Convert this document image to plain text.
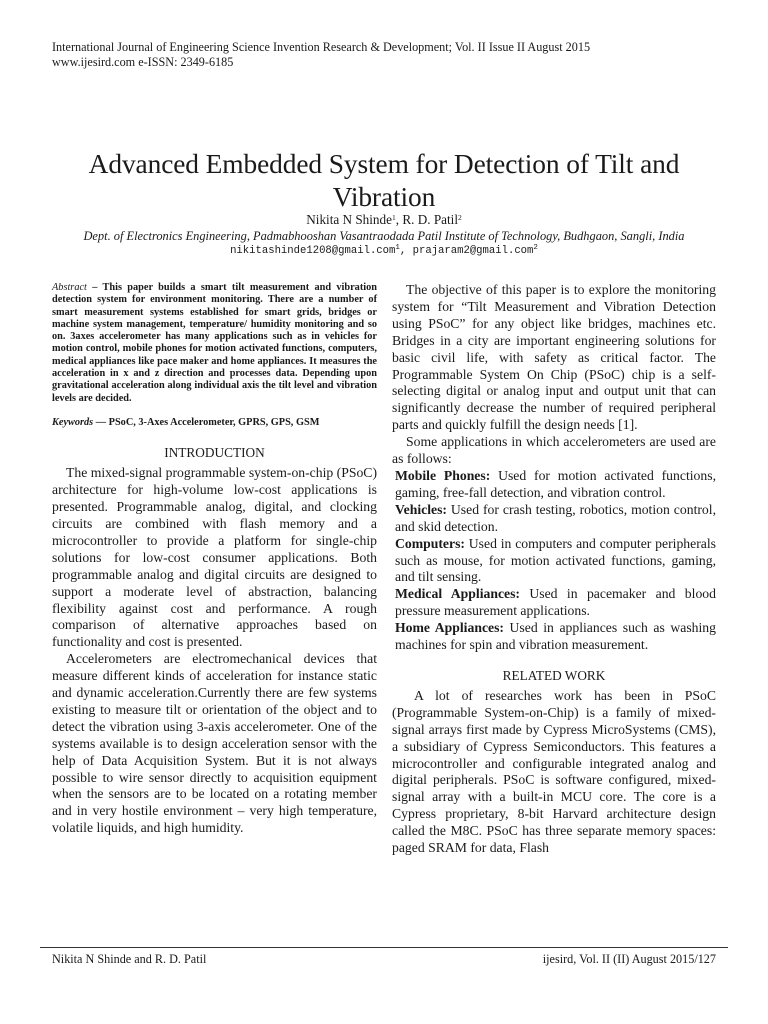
International Journal of Engineering Science Invention Research & Development; Vol. II Issue II August 2015
www.ijesird.com e-ISSN: 2349-6185
Advanced Embedded System for Detection of Tilt and Vibration
Nikita N Shinde$^1$, R. D. Patil$^2$
Dept. of Electronics Engineering, Padmabhooshan Vasantraodada Patil Institute of Technology, Budhgaon, Sangli, India
nikitashinde1208@gmail.com$^1$, prajaram2@gmail.com$^2$
Abstract – This paper builds a smart tilt measurement and vibration detection system for environment monitoring. There are a number of smart measurement systems established for smart grids, bridges or machine system management, temperature/ humidity monitoring and so on. 3axes accelerometer has many applications such as in vehicles for motion control, mobile phones for motion activated functions, computers, medical appliances like pace maker and home appliances. It measures the acceleration in x and z direction and processes data. Depending upon gravitational acceleration along individual axis the tilt level and vibration levels are decided.
Keywords — PSoC, 3-Axes Accelerometer, GPRS, GPS, GSM
INTRODUCTION

The mixed-signal programmable system-on-chip (PSoC) architecture for high-volume low-cost applications is presented. Programmable analog, digital, and clocking circuits are combined with flash memory and a microcontroller to provide a platform for single-chip solutions for low-cost consumer applications. Both programmable analog and digital circuits are designed to support a moderate level of abstraction, balancing flexibility against cost and performance. A rough comparison of alternative approaches based on functionality and cost is presented.

Accelerometers are electromechanical devices that measure different kinds of acceleration for instance static and dynamic acceleration.Currently there are few systems existing to measure tilt or orientation of the object and to detect the vibration using 3-axis accelerometer. One of the systems available is to design acceleration sensor with the help of Data Acquisition System. But it is not always possible to wire sensor directly to acquisition equipment when the sensors are to be located on a rotating member and in very hostile environment – very high temperature, volatile liquids, and high humidity.

The objective of this paper is to explore the monitoring system for “Tilt Measurement and Vibration Detection using PSoC” for any object like bridges, machines etc. Bridges in a city are important engineering solutions for basic civil life, with safety as critical factor. The Programmable System On Chip (PSoC) chip is a self-selecting digital or analog input and output unit that can significantly decrease the number of required peripheral parts and quickly fulfill the design needs [1].

Some applications in which accelerometers are used are as follows:

Mobile Phones: Used for motion activated functions, gaming, free-fall detection, and vibration control.

Vehicles: Used for crash testing, robotics, motion control, and skid detection.

Computers: Used in computers and computer peripherals such as mouse, for motion activated functions, gaming, and tilt sensing.

Medical Appliances: Used in pacemaker and blood pressure measurement applications.

Home Appliances: Used in appliances such as washing machines for spin and vibration measurement.

RELATED WORK

A lot of researches work has been in PSoC (Programmable System-on-Chip) is a family of mixed-signal arrays first made by Cypress MicroSystems (CMS), a subsidiary of Cypress Semiconductors. This features a microcontroller and configurable integrated analog and digital peripherals. PSoC is software configured, mixed-signal array with a built-in MCU core. The core is a Cypress proprietary, 8-bit Harvard architecture design called the M8C. PSoC has three separate memory spaces: paged SRAM for data, Flash

Nikita N Shinde and R. D. Patil	ijesird, Vol. II (II) August 2015/127
